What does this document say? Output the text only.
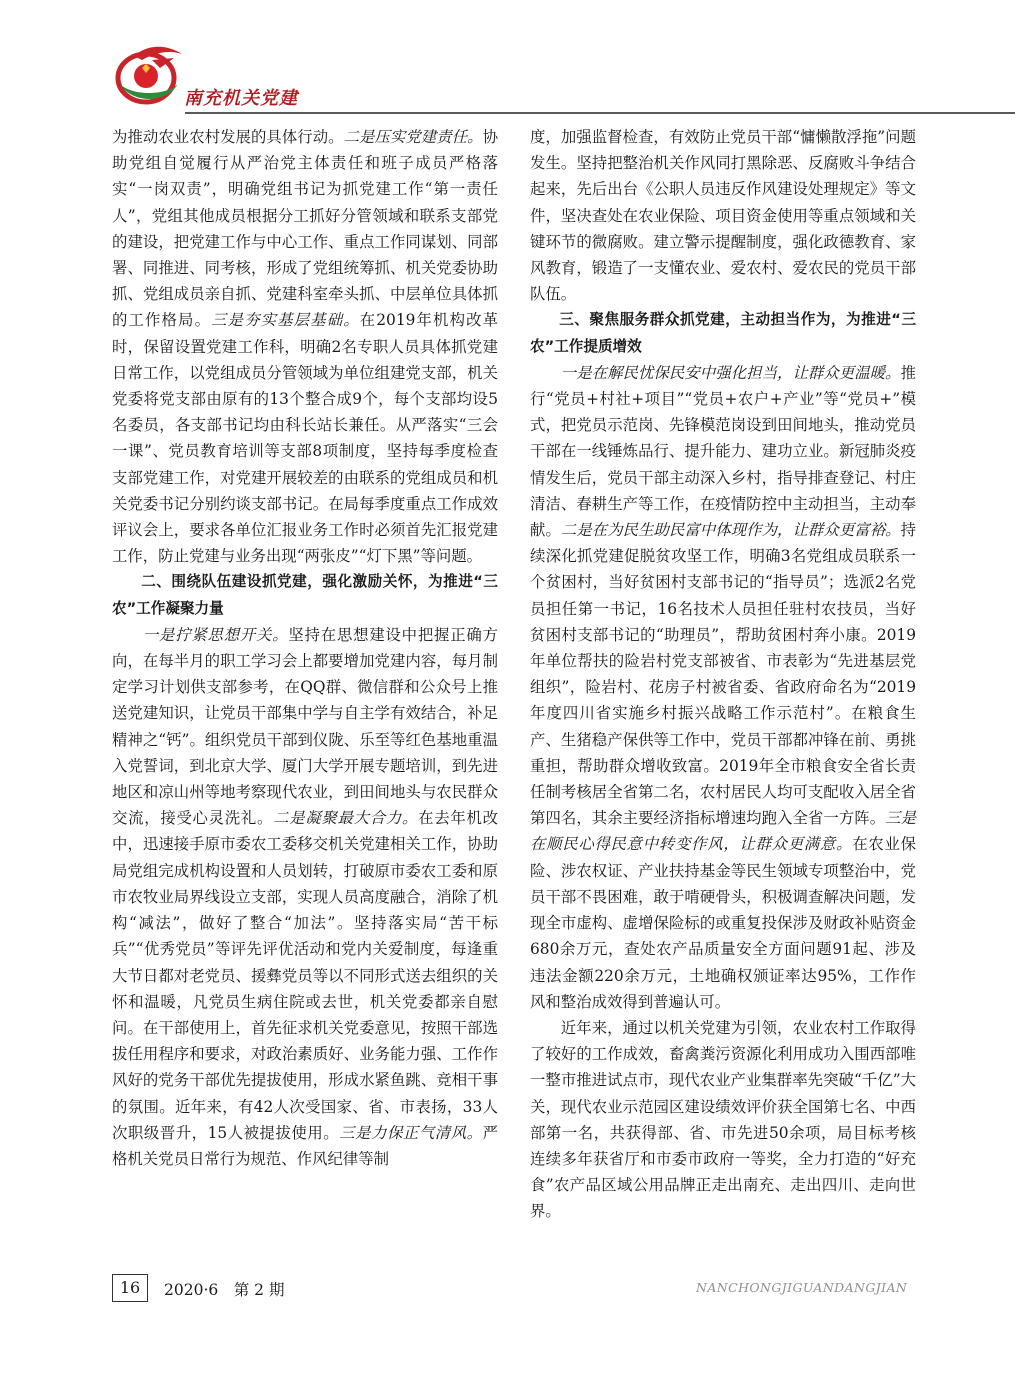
南充机关党建

为推动农业农村发展的具体行动。二是压实党建责任。协助党组自觉履行从严治党主体责任和班子成员严格落实“一岗双责”，明确党组书记为抓党建工作“第一责任人”，党组其他成员根据分工抓好分管领域和联系支部党的建设，把党建工作与中心工作、重点工作同谋划、同部署、同推进、同考核，形成了党组统筹抓、机关党委协助抓、党组成员亲自抓、党建科室牵头抓、中层单位具体抓的工作格局。三是夯实基层基础。在2019年机构改革时，保留设置党建工作科，明确2名专职人员具体抓党建日常工作，以党组成员分管领域为单位组建党支部，机关党委将党支部由原有的13个整合成9个，每个支部均设5名委员，各支部书记均由科长站长兼任。从严落实“三会一课”、党员教育培训等支部8项制度，坚持每季度检查支部党建工作，对党建开展较差的由联系的党组成员和机关党委书记分别约谈支部书记。在局每季度重点工作成效评议会上，要求各单位汇报业务工作时必须首先汇报党建工作，防止党建与业务出现“两张皮”“灯下黑”等问题。

二、围绕队伍建设抓党建，强化激励关怀，为推进“三农”工作凝聚力量

一是拧紧思想开关。坚持在思想建设中把握正确方向，在每半月的职工学习会上都要增加党建内容，每月制定学习计划供支部参考，在QQ群、微信群和公众号上推送党建知识，让党员干部集中学与自主学有效结合，补足精神之“钙”。组织党员干部到仪陇、乐至等红色基地重温入党誓词，到北京大学、厦门大学开展专题培训，到先进地区和凉山州等地考察现代农业，到田间地头与农民群众交流，接受心灵洗礼。二是凝聚最大合力。在去年机改中，迅速接手原市委农工委移交机关党建相关工作，协助局党组完成机构设置和人员划转，打破原市委农工委和原市农牧业局界线设立支部，实现人员高度融合，消除了机构“减法”，做好了整合“加法”。坚持落实局“苦干标兵”“优秀党员”等评先评优活动和党内关爱制度，每逢重大节日都对老党员、援彝党员等以不同形式送去组织的关怀和温暖，凡党员生病住院或去世，机关党委都亲自慰问。在干部使用上，首先征求机关党委意见，按照干部选拔任用程序和要求，对政治素质好、业务能力强、工作作风好的党务干部优先提拔使用，形成水紧鱼跳、竞相干事的氛围。近年来，有42人次受国家、省、市表扬，33人次职级晋升，15人被提拔使用。三是力保正气清风。严格机关党员日常行为规范、作风纪律等制

度，加强监督检查，有效防止党员干部“慵懒散浮拖”问题发生。坚持把整治机关作风同打黑除恶、反腐败斗争结合起来，先后出台《公职人员违反作风建设处理规定》等文件，坚决查处在农业保险、项目资金使用等重点领域和关键环节的微腐败。建立警示提醒制度，强化政德教育、家风教育，锻造了一支懂农业、爱农村、爱农民的党员干部队伍。

三、聚焦服务群众抓党建，主动担当作为，为推进“三农”工作提质增效

一是在解民忧保民安中强化担当，让群众更温暖。推行“党员+村社+项目”“党员+农户+产业”等“党员+”模式，把党员示范岗、先锋模范岗设到田间地头，推动党员干部在一线锤炼品行、提升能力、建功立业。新冠肺炎疫情发生后，党员干部主动深入乡村，指导排查登记、村庄清洁、春耕生产等工作，在疫情防控中主动担当，主动奉献。二是在为民生助民富中体现作为，让群众更富裕。持续深化抓党建促脱贫攻坚工作，明确3名党组成员联系一个贫困村，当好贫困村支部书记的“指导员”；选派2名党员担任第一书记，16名技术人员担任驻村农技员，当好贫困村支部书记的“助理员”，帮助贫困村奔小康。2019年单位帮扶的险岩村党支部被省、市表彰为“先进基层党组织”，险岩村、花房子村被省委、省政府命名为“2019年度四川省实施乡村振兴战略工作示范村”。在粮食生产、生猪稳产保供等工作中，党员干部都冲锋在前、勇挑重担，帮助群众增收致富。2019年全市粮食安全省长责任制考核居全省第二名，农村居民人均可支配收入居全省第四名，其余主要经济指标增速均跑入全省一方阵。三是在顺民心得民意中转变作风，让群众更满意。在农业保险、涉农权证、产业扶持基金等民生领域专项整治中，党员干部不畏困难，敢于啃硬骨头，积极调查解决问题，发现全市虚构、虚增保险标的或重复投保涉及财政补贴资金680余万元，查处农产品质量安全方面问题91起、涉及违法金额220余万元，土地确权颁证率达95%，工作作风和整治成效得到普遍认可。

近年来，通过以机关党建为引领，农业农村工作取得了较好的工作成效，畜禽粪污资源化利用成功入围西部唯一整市推进试点市，现代农业产业集群率先突破“千亿”大关，现代农业示范园区建设绩效评价获全国第七名、中西部第一名，共获得部、省、市先进50余项，局目标考核连续多年获省厅和市委市政府一等奖，全力打造的“好充食”农产品区域公用品牌正走出南充、走出四川、走向世界。

16	2020·6　第 2 期	NANCHONGJIGUANDANGJIAN
